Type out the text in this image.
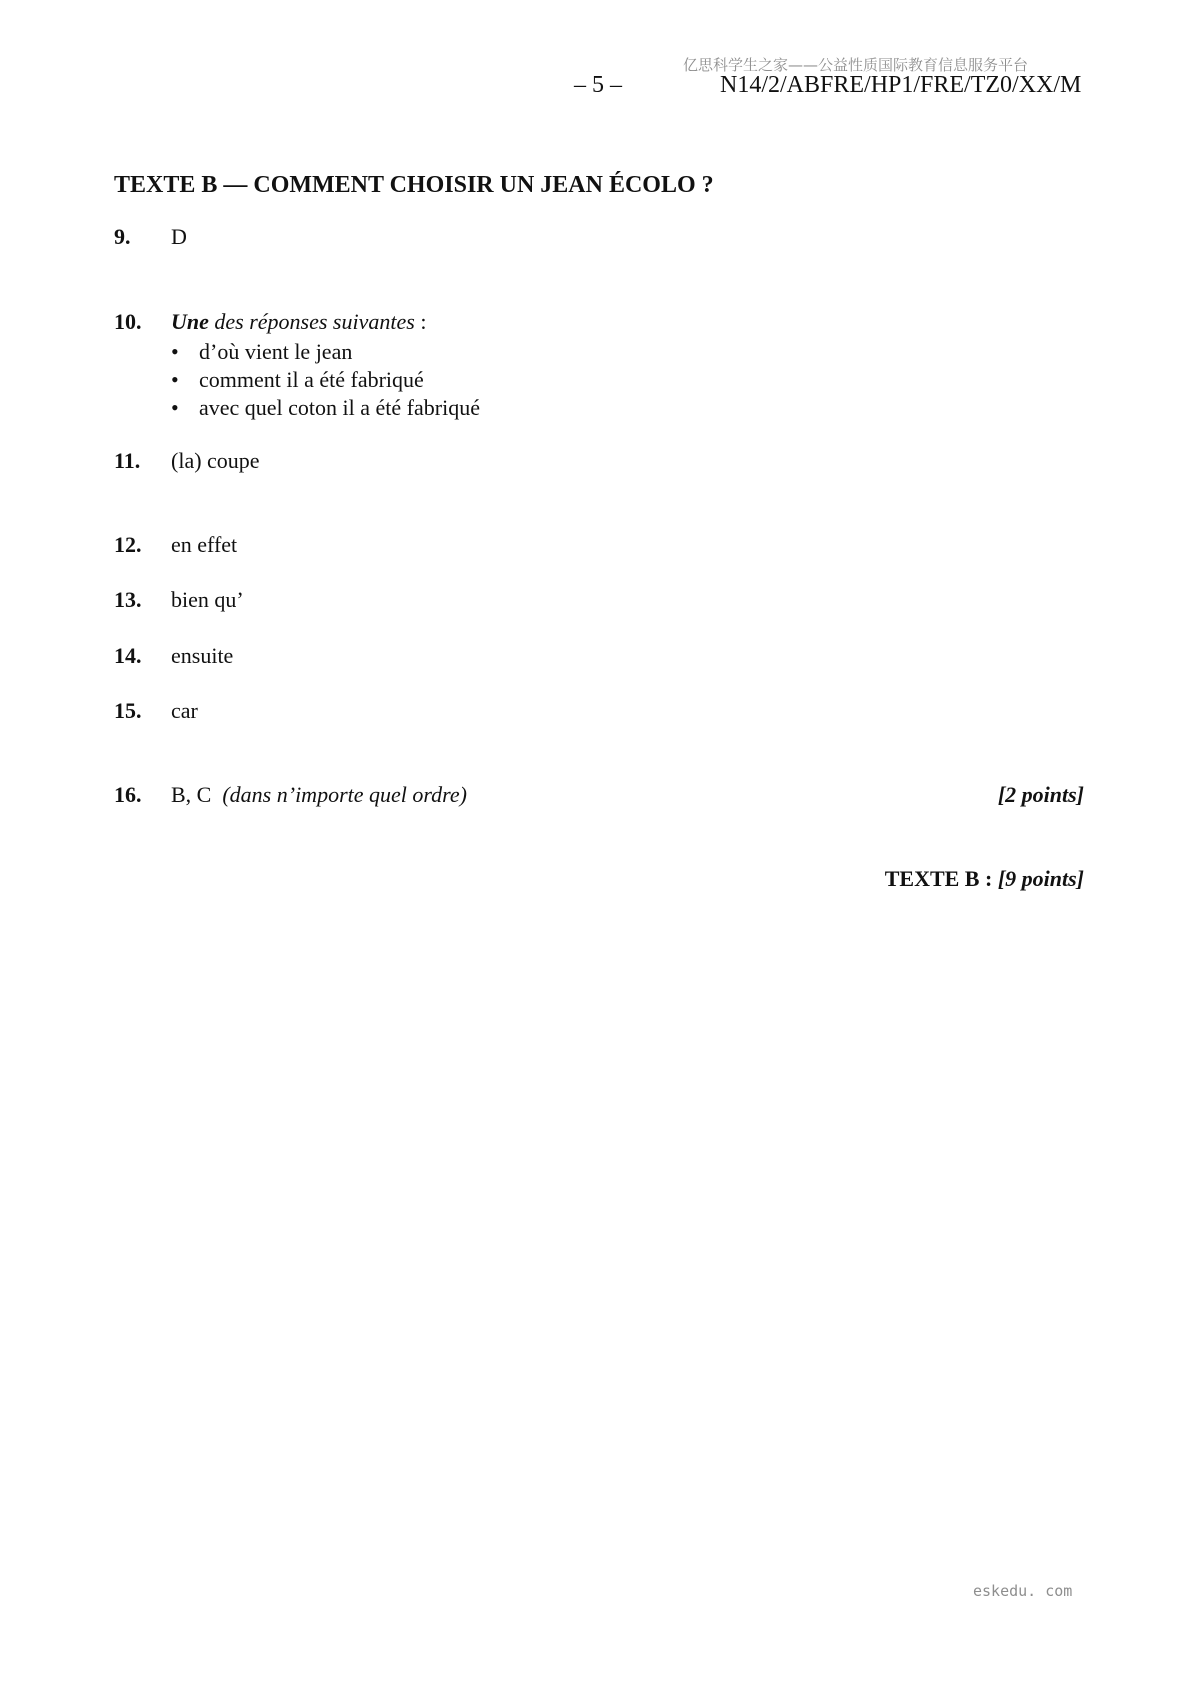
亿思科学生之家——公益性质国际教育信息服务平台
– 5 –	N14/2/ABFRE/HP1/FRE/TZ0/XX/M
TEXTE B — COMMENT CHOISIR UN JEAN ÉCOLO ?
9. D
10. Une des réponses suivantes :
• d’où vient le jean
• comment il a été fabriqué
• avec quel coton il a été fabriqué
11. (la) coupe
12. en effet
13. bien qu’
14. ensuite
15. car
16. B, C (dans n’importe quel ordre)	[2 points]
TEXTE B : [9 points]
eskedu. com
